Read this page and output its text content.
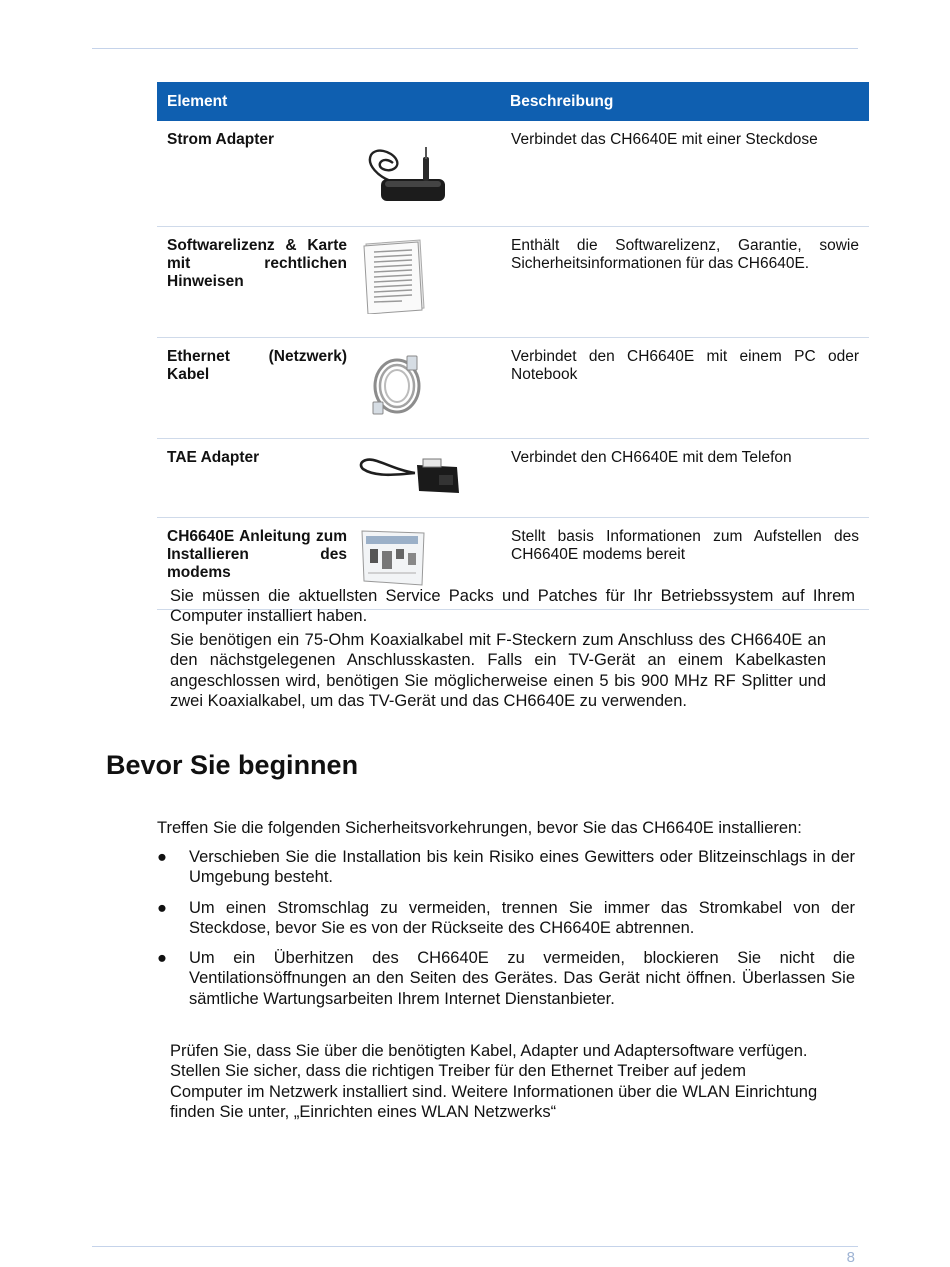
Element		Beschreibung
Strom Adapter		Verbindet das CH6640E mit einer Steckdose
Softwarelizenz & Karte mit rechtlichen Hinweisen		Enthält die Softwarelizenz, Garantie, sowie Sicherheitsinformationen für das CH6640E.
Ethernet (Netzwerk) Kabel		Verbindet den CH6640E mit einem PC oder Notebook
TAE Adapter		Verbindet den CH6640E mit dem Telefon
CH6640E Anleitung zum Installieren des modems		Stellt basis Informationen zum Aufstellen des CH6640E modems bereit

Sie müssen die aktuellsten Service Packs und Patches für Ihr Betriebssystem auf Ihrem Computer installiert haben.

Sie benötigen ein 75-Ohm Koaxialkabel mit F-Steckern zum Anschluss des CH6640E an den nächstgelegenen Anschlusskasten. Falls ein TV-Gerät an einem Kabelkasten angeschlossen wird, benötigen Sie möglicherweise einen 5 bis 900 MHz RF Splitter und zwei Koaxialkabel, um das TV-Gerät und das CH6640E zu verwenden.

Bevor Sie beginnen

Treffen Sie die folgenden Sicherheitsvorkehrungen, bevor Sie das CH6640E installieren:

● Verschieben Sie die Installation bis kein Risiko eines Gewitters oder Blitzeinschlags in der Umgebung besteht.
● Um einen Stromschlag zu vermeiden, trennen Sie immer das Stromkabel von der Steckdose, bevor Sie es von der Rückseite des CH6640E abtrennen.
● Um ein Überhitzen des CH6640E zu vermeiden, blockieren Sie nicht die Ventilationsöffnungen an den Seiten des Gerätes. Das Gerät nicht öffnen. Überlassen Sie sämtliche Wartungsarbeiten Ihrem Internet Dienstanbieter.

Prüfen Sie, dass Sie über die benötigten Kabel, Adapter und Adaptersoftware verfügen. Stellen Sie sicher, dass die richtigen Treiber für den Ethernet Treiber auf jedem Computer im Netzwerk installiert sind. Weitere Informationen über die WLAN Einrichtung finden Sie unter, „Einrichten eines WLAN Netzwerks“

8
